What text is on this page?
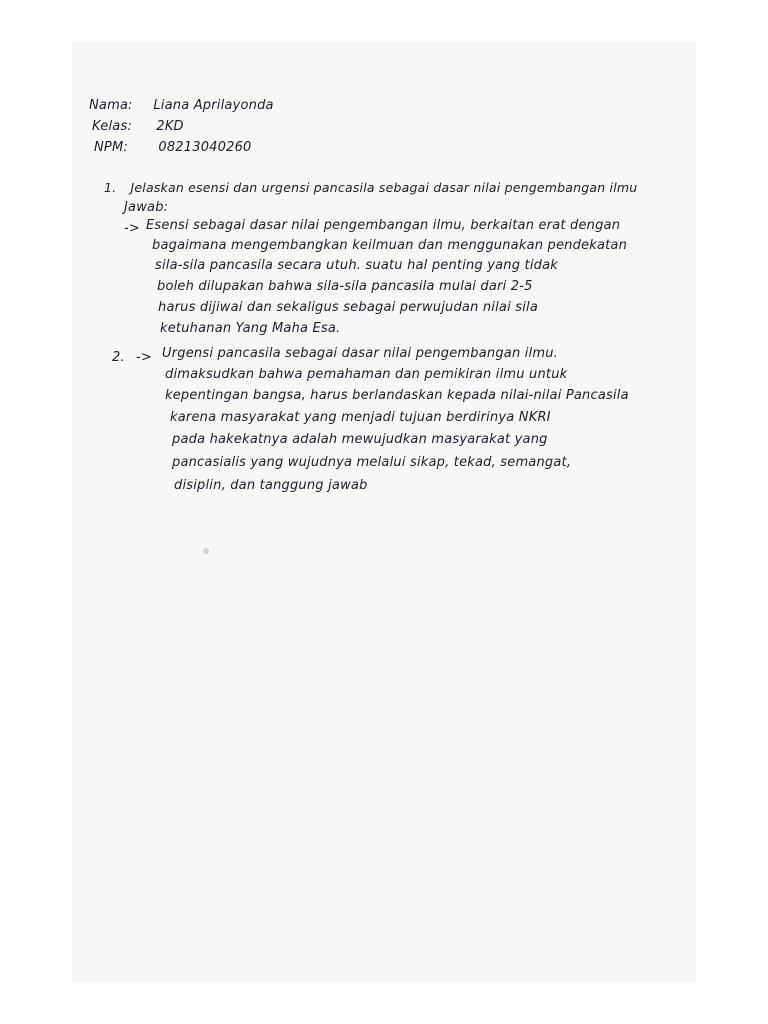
Nama: Liana Aprilayonda
Kelas: 2KD
NPM: 08213040260
1. Jelaskan esensi dan urgensi pancasila sebagai dasar nilai pengembangan ilmu
Jawab:
-> Esensi sebagai dasar nilai pengembangan ilmu, berkaitan erat dengan
bagaimana mengembangkan keilmuan dan menggunakan pendekatan
sila-sila pancasila secara utuh. suatu hal penting yang tidak
boleh dilupakan bahwa sila-sila pancasila mulai dari 2-5
harus dijiwai dan sekaligus sebagai perwujudan nilai sila
ketuhanan Yang Maha Esa.
2. -> Urgensi pancasila sebagai dasar nilai pengembangan ilmu.
dimaksudkan bahwa pemahaman dan pemikiran ilmu untuk
kepentingan bangsa, harus berlandaskan kepada nilai-nilai Pancasila
karena masyarakat yang menjadi tujuan berdirinya NKRI
pada hakekatnya adalah mewujudkan masyarakat yang
pancasialis yang wujudnya melalui sikap, tekad, semangat,
disiplin, dan tanggung jawab
